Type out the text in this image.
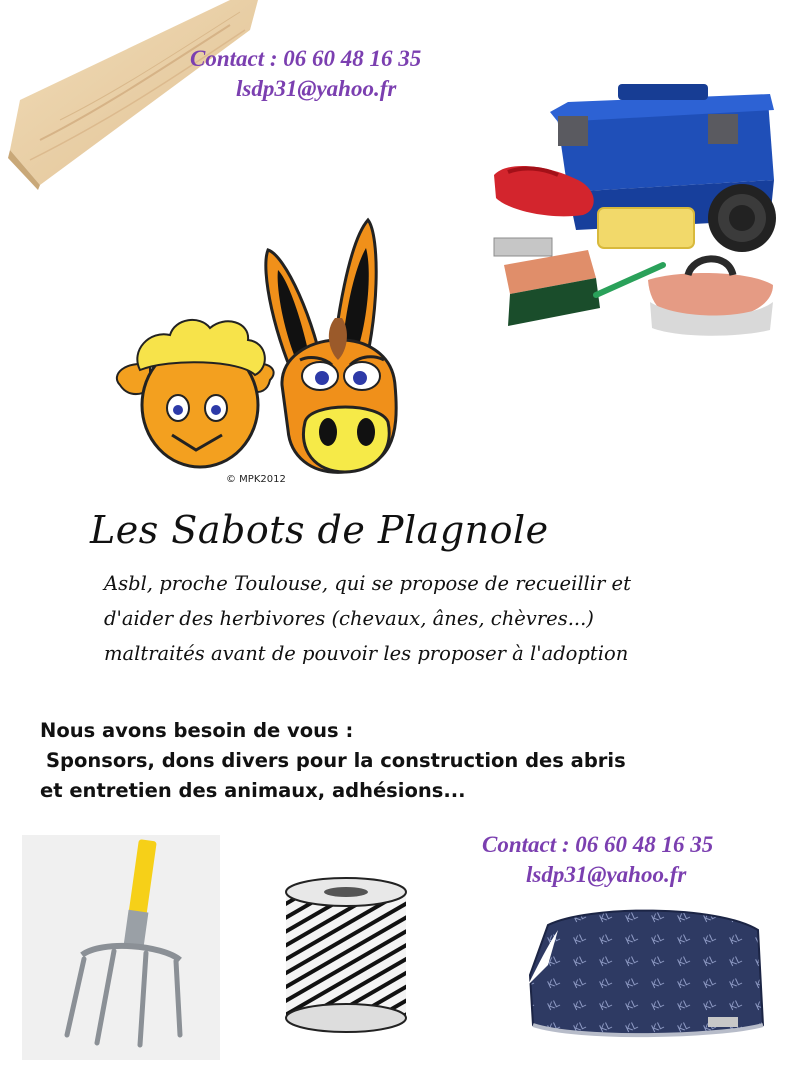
Contact : 06 60 48 16 35
lsdp31@yahoo.fr
© MPK2012
Les Sabots de Plagnole
Asbl, proche Toulouse, qui se propose de recueillir et
d'aider des herbivores (chevaux, ânes, chèvres...)
maltraités avant de pouvoir les proposer à l'adoption
Nous avons besoin de vous :
Sponsors, dons divers pour la construction des abris
et entretien des animaux, adhésions...
Contact : 06 60 48 16 35
lsdp31@yahoo.fr
